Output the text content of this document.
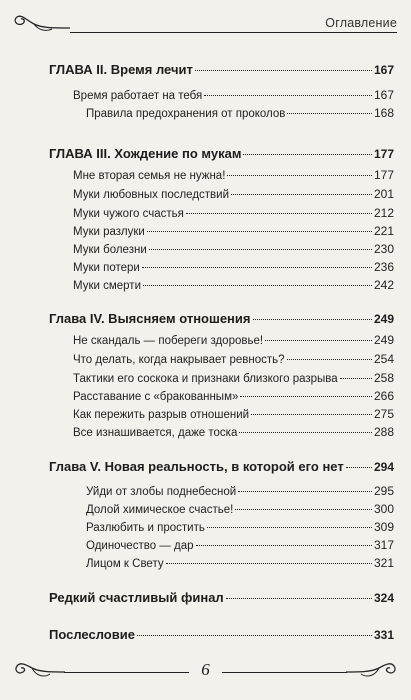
Оглавление
ГЛАВА II. Время лечит	167
Время работает на тебя	167
Правила предохранения от проколов	168
ГЛАВА III. Хождение по мукам	177
Мне вторая семья не нужна!	177
Муки любовных последствий	201
Муки чужого счастья	212
Муки разлуки	221
Муки болезни	230
Муки потери	236
Муки смерти	242
Глава IV. Выясняем отношения	249
Не скандаль — побереги здоровье!	249
Что делать, когда накрывает ревность?	254
Тактики его соскока и признаки близкого разрыва	258
Расставание с «бракованным»	266
Как пережить разрыв отношений	275
Все изнашивается, даже тоска	288
Глава V. Новая реальность, в которой его нет	294
Уйди от злобы поднебесной	295
Долой химическое счастье!	300
Разлюбить и простить	309
Одиночество — дар	317
Лицом к Свету	321
Редкий счастливый финал	324
Послесловие	331
6
